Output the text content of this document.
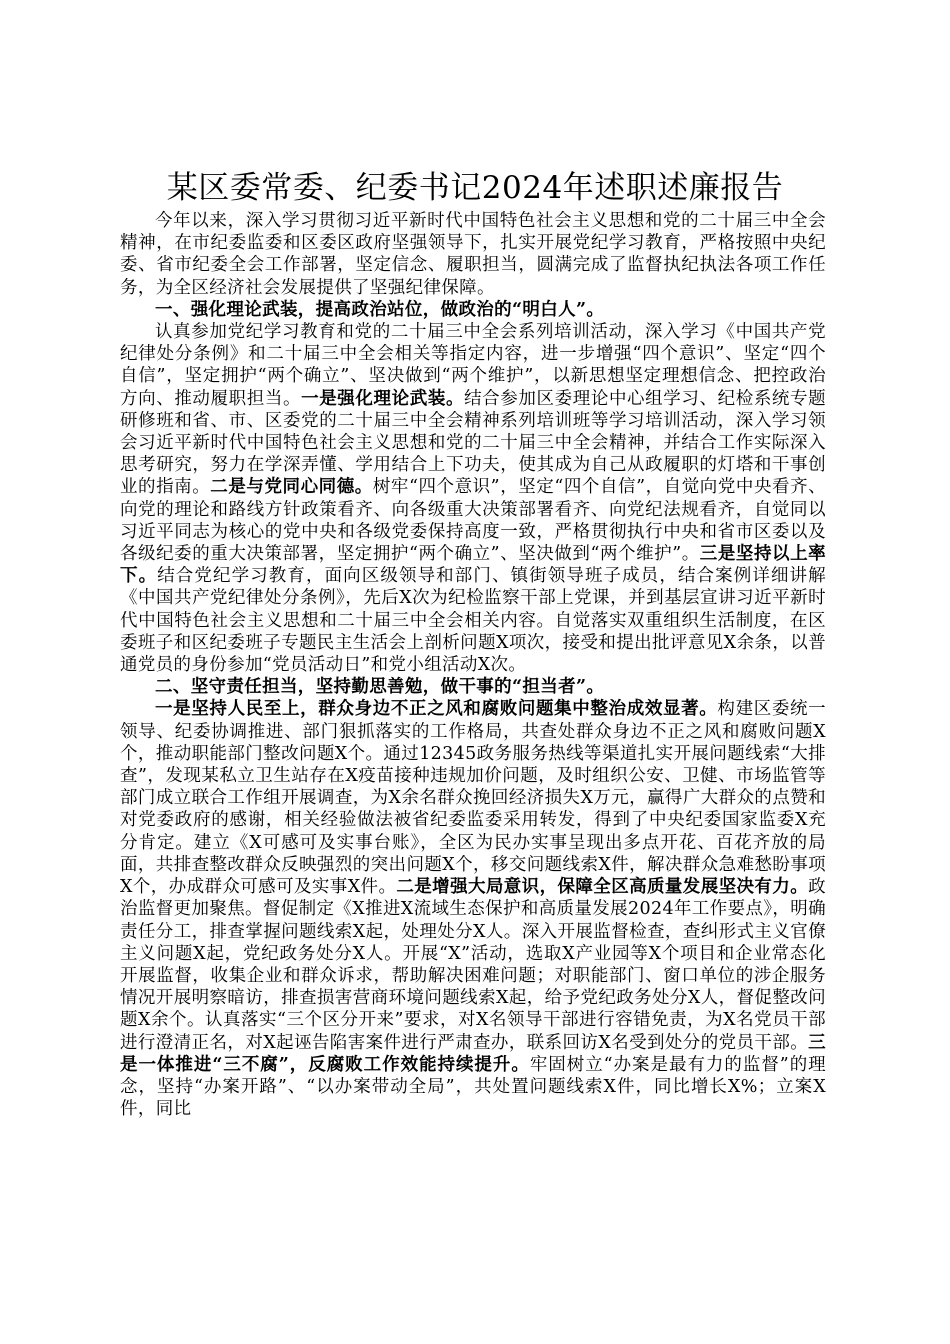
某区委常委、纪委书记2024年述职述廉报告

今年以来，深入学习贯彻习近平新时代中国特色社会主义思想和党的二十届三中全会精神，在市纪委监委和区委区政府坚强领导下，扎实开展党纪学习教育，严格按照中央纪委、省市纪委全会工作部署，坚定信念、履职担当，圆满完成了监督执纪执法各项工作任务，为全区经济社会发展提供了坚强纪律保障。

一、强化理论武装，提高政治站位，做政治的“明白人”。

认真参加党纪学习教育和党的二十届三中全会系列培训活动，深入学习《中国共产党纪律处分条例》和二十届三中全会相关等指定内容，进一步增强“四个意识”、坚定“四个自信”，坚定拥护“两个确立”、坚决做到“两个维护”，以新思想坚定理想信念、把控政治方向、推动履职担当。一是强化理论武装。结合参加区委理论中心组学习、纪检系统专题研修班和省、市、区委党的二十届三中全会精神系列培训班等学习培训活动，深入学习领会习近平新时代中国特色社会主义思想和党的二十届三中全会精神，并结合工作实际深入思考研究，努力在学深弄懂、学用结合上下功夫，使其成为自己从政履职的灯塔和干事创业的指南。二是与党同心同德。树牢“四个意识”，坚定“四个自信”，自觉向党中央看齐、向党的理论和路线方针政策看齐、向各级重大决策部署看齐、向党纪法规看齐，自觉同以习近平同志为核心的党中央和各级党委保持高度一致，严格贯彻执行中央和省市区委以及各级纪委的重大决策部署，坚定拥护“两个确立”、坚决做到“两个维护”。三是坚持以上率下。结合党纪学习教育，面向区级领导和部门、镇街领导班子成员，结合案例详细讲解《中国共产党纪律处分条例》，先后X次为纪检监察干部上党课，并到基层宣讲习近平新时代中国特色社会主义思想和二十届三中全会相关内容。自觉落实双重组织生活制度，在区委班子和区纪委班子专题民主生活会上剖析问题X项次，接受和提出批评意见X余条，以普通党员的身份参加“党员活动日”和党小组活动X次。

二、坚守责任担当，坚持勤思善勉，做干事的“担当者”。

一是坚持人民至上，群众身边不正之风和腐败问题集中整治成效显著。构建区委统一领导、纪委协调推进、部门狠抓落实的工作格局，共查处群众身边不正之风和腐败问题X个，推动职能部门整改问题X个。通过12345政务服务热线等渠道扎实开展问题线索“大排查”，发现某私立卫生站存在X疫苗接种违规加价问题，及时组织公安、卫健、市场监管等部门成立联合工作组开展调查，为X余名群众挽回经济损失X万元，赢得广大群众的点赞和对党委政府的感谢，相关经验做法被省纪委监委采用转发，得到了中央纪委国家监委X充分肯定。建立《X可感可及实事台账》，全区为民办实事呈现出多点开花、百花齐放的局面，共排查整改群众反映强烈的突出问题X个，移交问题线索X件，解决群众急难愁盼事项X个，办成群众可感可及实事X件。二是增强大局意识，保障全区高质量发展坚决有力。政治监督更加聚焦。督促制定《X推进X流域生态保护和高质量发展2024年工作要点》，明确责任分工，排查掌握问题线索X起，处理处分X人。深入开展监督检查，查纠形式主义官僚主义问题X起，党纪政务处分X人。开展“X”活动，选取X产业园等X个项目和企业常态化开展监督，收集企业和群众诉求，帮助解决困难问题；对职能部门、窗口单位的涉企服务情况开展明察暗访，排查损害营商环境问题线索X起，给予党纪政务处分X人，督促整改问题X余个。认真落实“三个区分开来”要求，对X名领导干部进行容错免责，为X名党员干部进行澄清正名，对X起诬告陷害案件进行严肃查办，联系回访X名受到处分的党员干部。三是一体推进“三不腐”，反腐败工作效能持续提升。牢固树立“办案是最有力的监督”的理念，坚持“办案开路”、“以办案带动全局”，共处置问题线索X件，同比增长X%；立案X件，同比
